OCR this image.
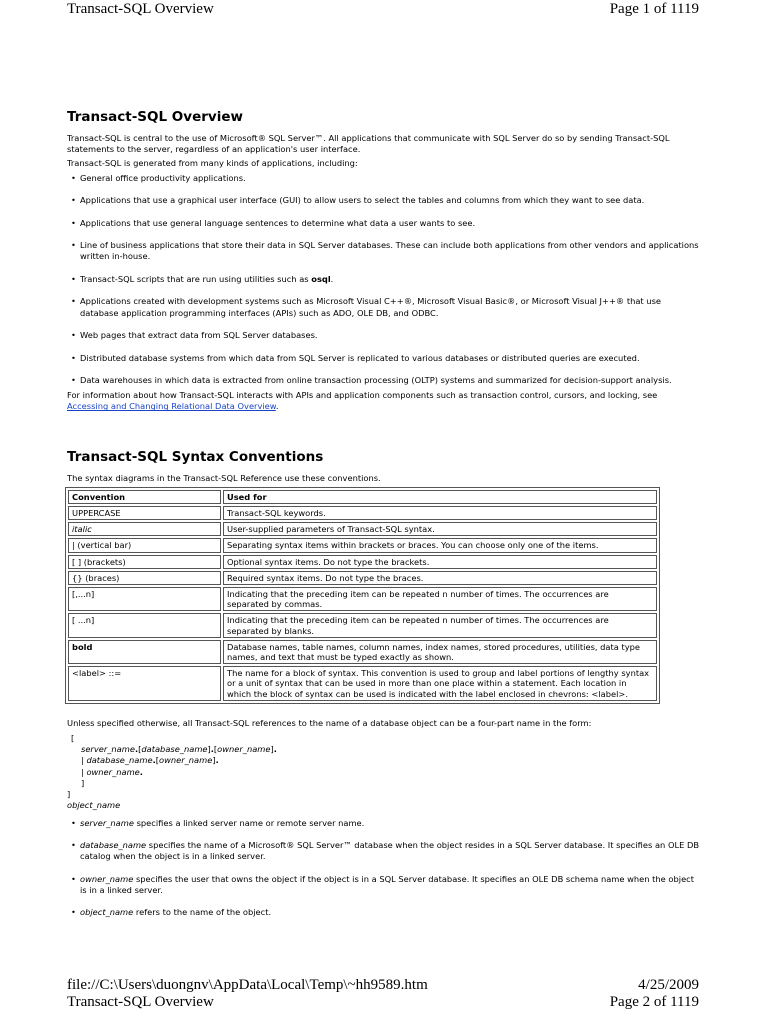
Transact-SQL Overview	Page 1 of 1119
Transact-SQL Overview

Transact-SQL is central to the use of Microsoft® SQL Server™. All applications that communicate with SQL Server do so by sending Transact-SQL statements to the server, regardless of an application's user interface.

Transact-SQL is generated from many kinds of applications, including:

• General office productivity applications.
• Applications that use a graphical user interface (GUI) to allow users to select the tables and columns from which they want to see data.
• Applications that use general language sentences to determine what data a user wants to see.
• Line of business applications that store their data in SQL Server databases. These can include both applications from other vendors and applications written in-house.
• Transact-SQL scripts that are run using utilities such as osql.
• Applications created with development systems such as Microsoft Visual C++®, Microsoft Visual Basic®, or Microsoft Visual J++® that use database application programming interfaces (APIs) such as ADO, OLE DB, and ODBC.
• Web pages that extract data from SQL Server databases.
• Distributed database systems from which data from SQL Server is replicated to various databases or distributed queries are executed.
• Data warehouses in which data is extracted from online transaction processing (OLTP) systems and summarized for decision-support analysis.

For information about how Transact-SQL interacts with APIs and application components such as transaction control, cursors, and locking, see Accessing and Changing Relational Data Overview.

Transact-SQL Syntax Conventions

The syntax diagrams in the Transact-SQL Reference use these conventions.

Convention	Used for
UPPERCASE	Transact-SQL keywords.
italic	User-supplied parameters of Transact-SQL syntax.
| (vertical bar)	Separating syntax items within brackets or braces. You can choose only one of the items.
[ ] (brackets)	Optional syntax items. Do not type the brackets.
{} (braces)	Required syntax items. Do not type the braces.
[,...n]	Indicating that the preceding item can be repeated n number of times. The occurrences are separated by commas.
[ ...n]	Indicating that the preceding item can be repeated n number of times. The occurrences are separated by blanks.
bold	Database names, table names, column names, index names, stored procedures, utilities, data type names, and text that must be typed exactly as shown.
<label> ::=	The name for a block of syntax. This convention is used to group and label portions of lengthy syntax or a unit of syntax that can be used in more than one place within a statement. Each location in which the block of syntax can be used is indicated with the label enclosed in chevrons: <label>.

Unless specified otherwise, all Transact-SQL references to the name of a database object can be a four-part name in the form:

[
server_name.[database_name].[owner_name].
| database_name.[owner_name].
| owner_name.
]
]
object_name
• server_name specifies a linked server name or remote server name.
• database_name specifies the name of a Microsoft® SQL Server™ database when the object resides in a SQL Server database. It specifies an OLE DB catalog when the object is in a linked server.
• owner_name specifies the user that owns the object if the object is in a SQL Server database. It specifies an OLE DB schema name when the object is in a linked server.
• object_name refers to the name of the object.
file://C:\Users\duongnv\AppData\Local\Temp\~hh9589.htm	4/25/2009
Transact-SQL Overview	Page 2 of 1119
